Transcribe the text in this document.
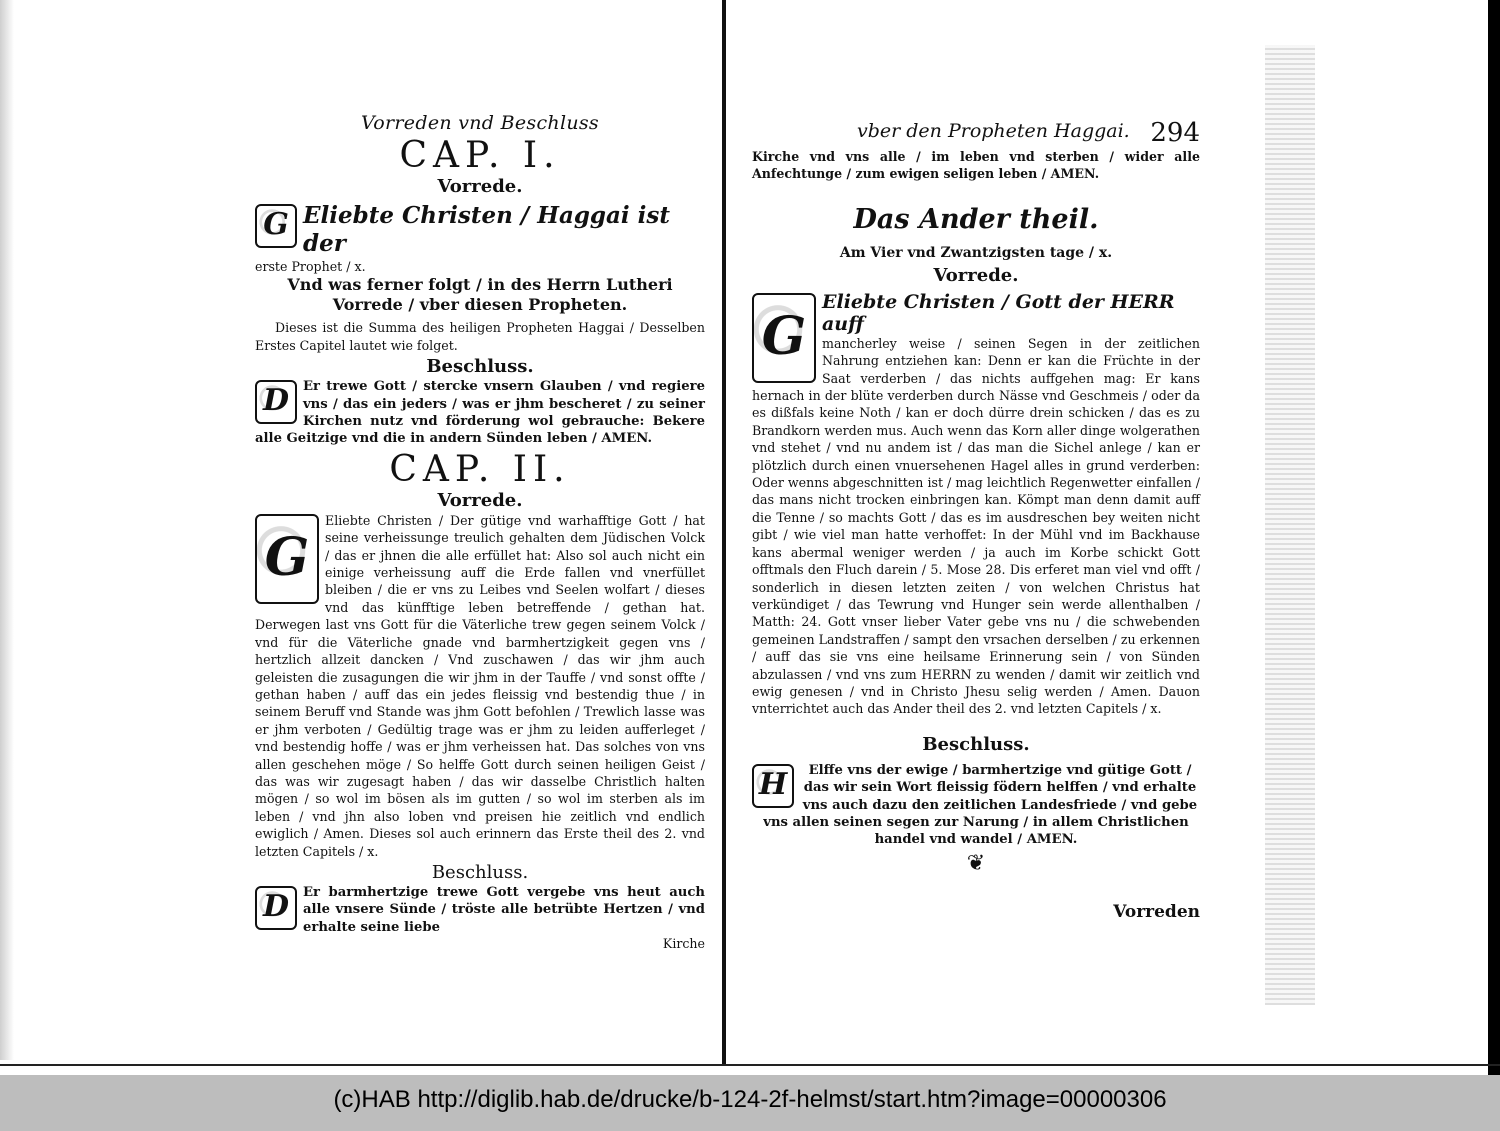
Vorreden vnd Beschluss

CAP. I.

Vorrede.

G Eliebte Christen / Haggai ist der

erste Prophet / x.

Vnd was ferner folgt / in des Herrn Lutheri Vorrede / vber diesen Propheten.

Dieses ist die Summa des heiligen Propheten Haggai / Desselben Erstes Capitel lautet wie folget.

Beschluss.

D	Er trewe Gott / stercke vnsern Glauben / vnd regiere vns / das ein jeders / was er jhm bescheret / zu seiner Kirchen nutz vnd förderung wol gebrauche: Bekere alle Geitzige vnd die in andern Sünden leben / AMEN.

CAP. II.

Vorrede.

G

Eliebte Christen / Der gütige vnd warhafftige Gott / hat seine verheissunge treulich gehalten dem Jüdischen Volck / das er jhnen die alle erfüllet hat: Also sol auch nicht ein einige verheissung auff die Erde fallen vnd vnerfüllet bleiben / die er vns zu Leibes vnd Seelen wolfart / dieses vnd das künfftige leben betreffende / gethan hat. Derwegen last vns Gott für die Väterliche trew gegen seinem Volck / vnd für die Väterliche gnade vnd barmhertzigkeit gegen vns / hertzlich allzeit dancken / Vnd zuschawen / das wir jhm auch geleisten die zusagungen die wir jhm in der Tauffe / vnd sonst offte / gethan haben / auff das ein jedes fleissig vnd bestendig thue / in seinem Beruff vnd Stande was jhm Gott befohlen / Trewlich lasse was er jhm verboten / Gedültig trage was er jhm zu leiden aufferleget / vnd bestendig hoffe / was er jhm verheissen hat. Das solches von vns allen geschehen möge / So helffe Gott durch seinen heiligen Geist / das was wir zugesagt haben / das wir dasselbe Christlich halten mögen / so wol im bösen als im gutten / so wol im sterben als im leben / vnd jhn also loben vnd preisen hie zeitlich vnd endlich ewiglich / Amen. Dieses sol auch erinnern das Erste theil des 2. vnd letzten Capitels / x.

Beschluss.

D	Er barmhertzige trewe Gott vergebe vns heut auch alle vnsere Sünde / tröste alle betrübte Hertzen / vnd erhalte seine liebe

Kirche

vber den Propheten Haggai. 294

Kirche vnd vns alle / im leben vnd sterben / wider alle Anfechtunge / zum ewigen seligen leben / AMEN.

Das Ander theil.

Am Vier vnd Zwantzigsten tage / x.

Vorrede.

G

Eliebte Christen / Gott der HERR auff

mancherley weise / seinen Segen in der zeitlichen Nahrung entziehen kan: Denn er kan die Früchte in der Saat verderben / das nichts auffgehen mag: Er kans hernach in der blüte verderben durch Nässe vnd Geschmeis / oder da es dißfals keine Noth / kan er doch dürre drein schicken / das es zu Brandkorn werden mus. Auch wenn das Korn aller dinge wolgerathen vnd stehet / vnd nu andem ist / das man die Sichel anlege / kan er plötzlich durch einen vnuersehenen Hagel alles in grund verderben: Oder wenns abgeschnitten ist / mag leichtlich Regenwetter einfallen / das mans nicht trocken einbringen kan. Kömpt man denn damit auff die Tenne / so machts Gott / das es im ausdreschen bey weiten nicht gibt / wie viel man hatte verhoffet: In der Mühl vnd im Backhause kans abermal weniger werden / ja auch im Korbe schickt Gott offtmals den Fluch darein / 5. Mose 28. Dis erferet man viel vnd offt / sonderlich in diesen letzten zeiten / von welchen Christus hat verkündiget / das Tewrung vnd Hunger sein werde allenthalben / Matth: 24. Gott vnser lieber Vater gebe vns nu / die schwebenden gemeinen Landstraffen / sampt den vrsachen derselben / zu erkennen / auff das sie vns eine heilsame Erinnerung sein / von Sünden abzulassen / vnd vns zum HERRN zu wenden / damit wir zeitlich vnd ewig genesen / vnd in Christo Jhesu selig werden / Amen. Dauon vnterrichtet auch das Ander theil des 2. vnd letzten Capitels / x.

Beschluss.

H	Elffe vns der ewige / barmhertzige vnd gütige Gott / das wir sein Wort fleissig födern helffen / vnd erhalte vns auch dazu den zeitlichen Landesfriede / vnd gebe vns allen seinen segen zur Narung / in allem Christlichen handel vnd wandel / AMEN.

❦

Vorreden

(c)HAB http://diglib.hab.de/drucke/b-124-2f-helmst/start.htm?image=00000306
